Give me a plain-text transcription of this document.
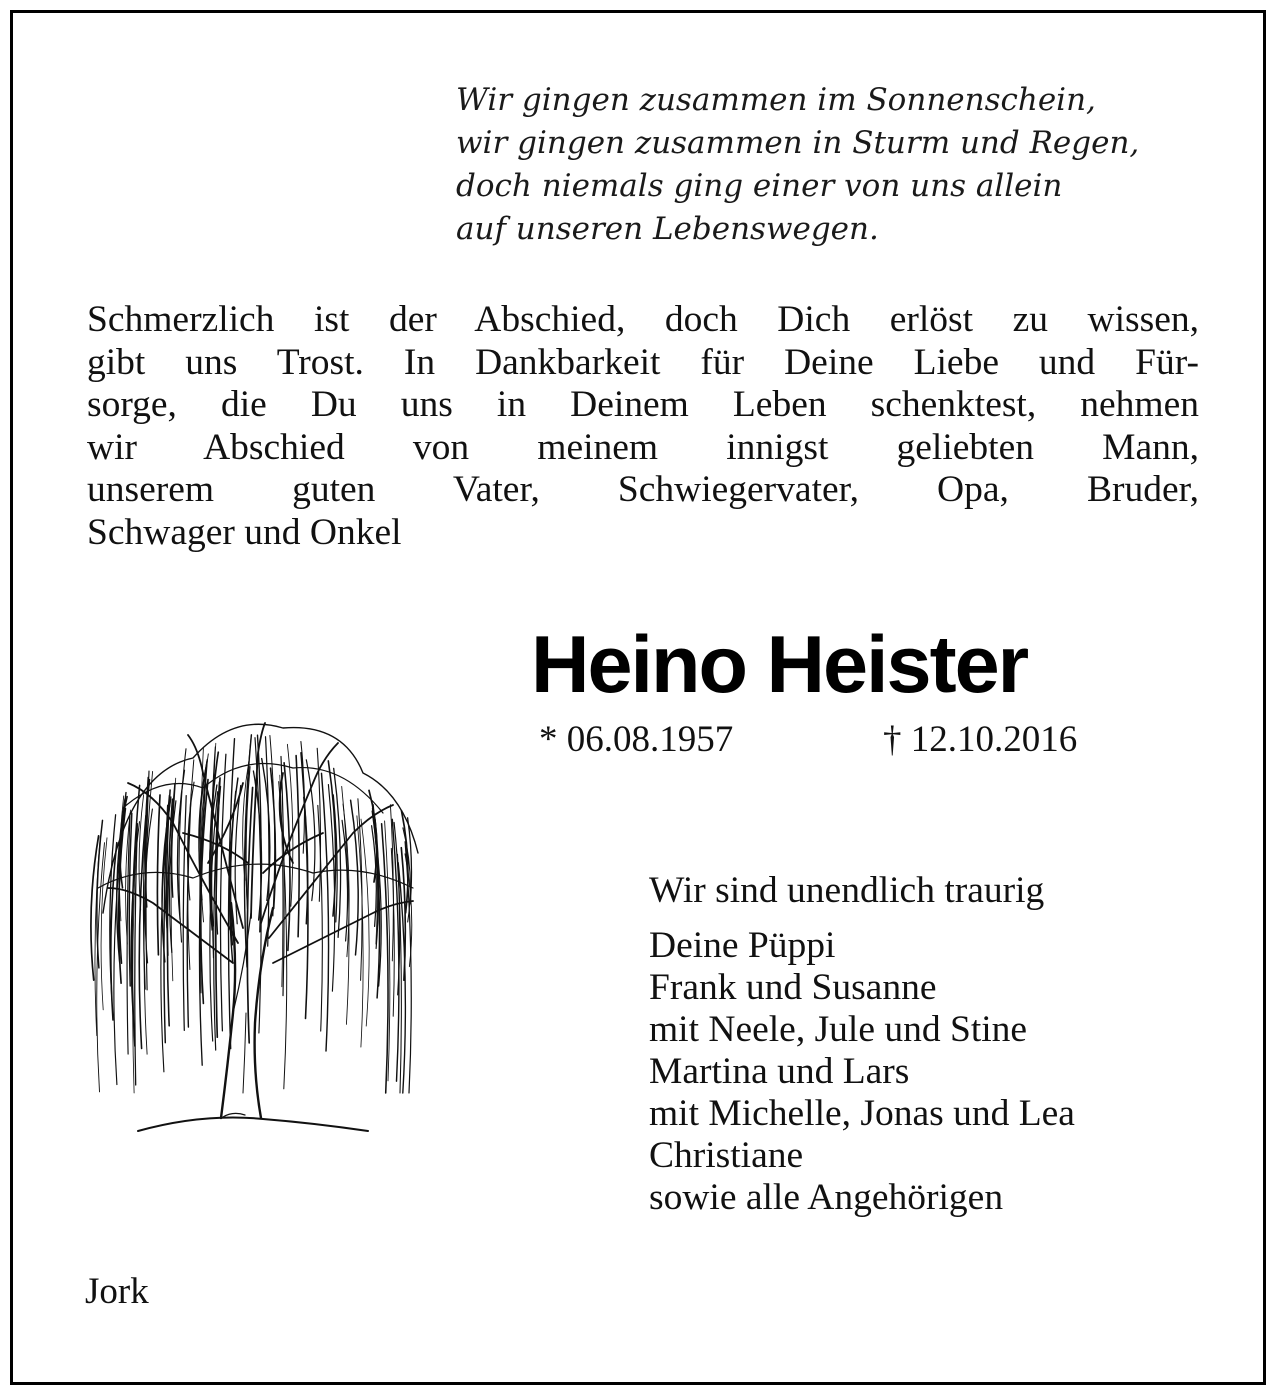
Wir gingen zusammen im Sonnenschein,
wir gingen zusammen in Sturm und Regen,
doch niemals ging einer von uns allein
auf unseren Lebenswegen.
Schmerzlich ist der Abschied, doch Dich erlöst zu wissen,
gibt uns Trost. In Dankbarkeit für Deine Liebe und Für-
sorge, die Du uns in Deinem Leben schenktest, nehmen
wir Abschied von meinem innigst geliebten Mann,
unserem guten Vater, Schwiegervater, Opa, Bruder,
Schwager und Onkel
Heino Heister
* 06.08.1957	† 12.10.2016
Wir sind unendlich traurig
Deine Püppi
Frank und Susanne
mit Neele, Jule und Stine
Martina und Lars
mit Michelle, Jonas und Lea
Christiane
sowie alle Angehörigen
Jork
